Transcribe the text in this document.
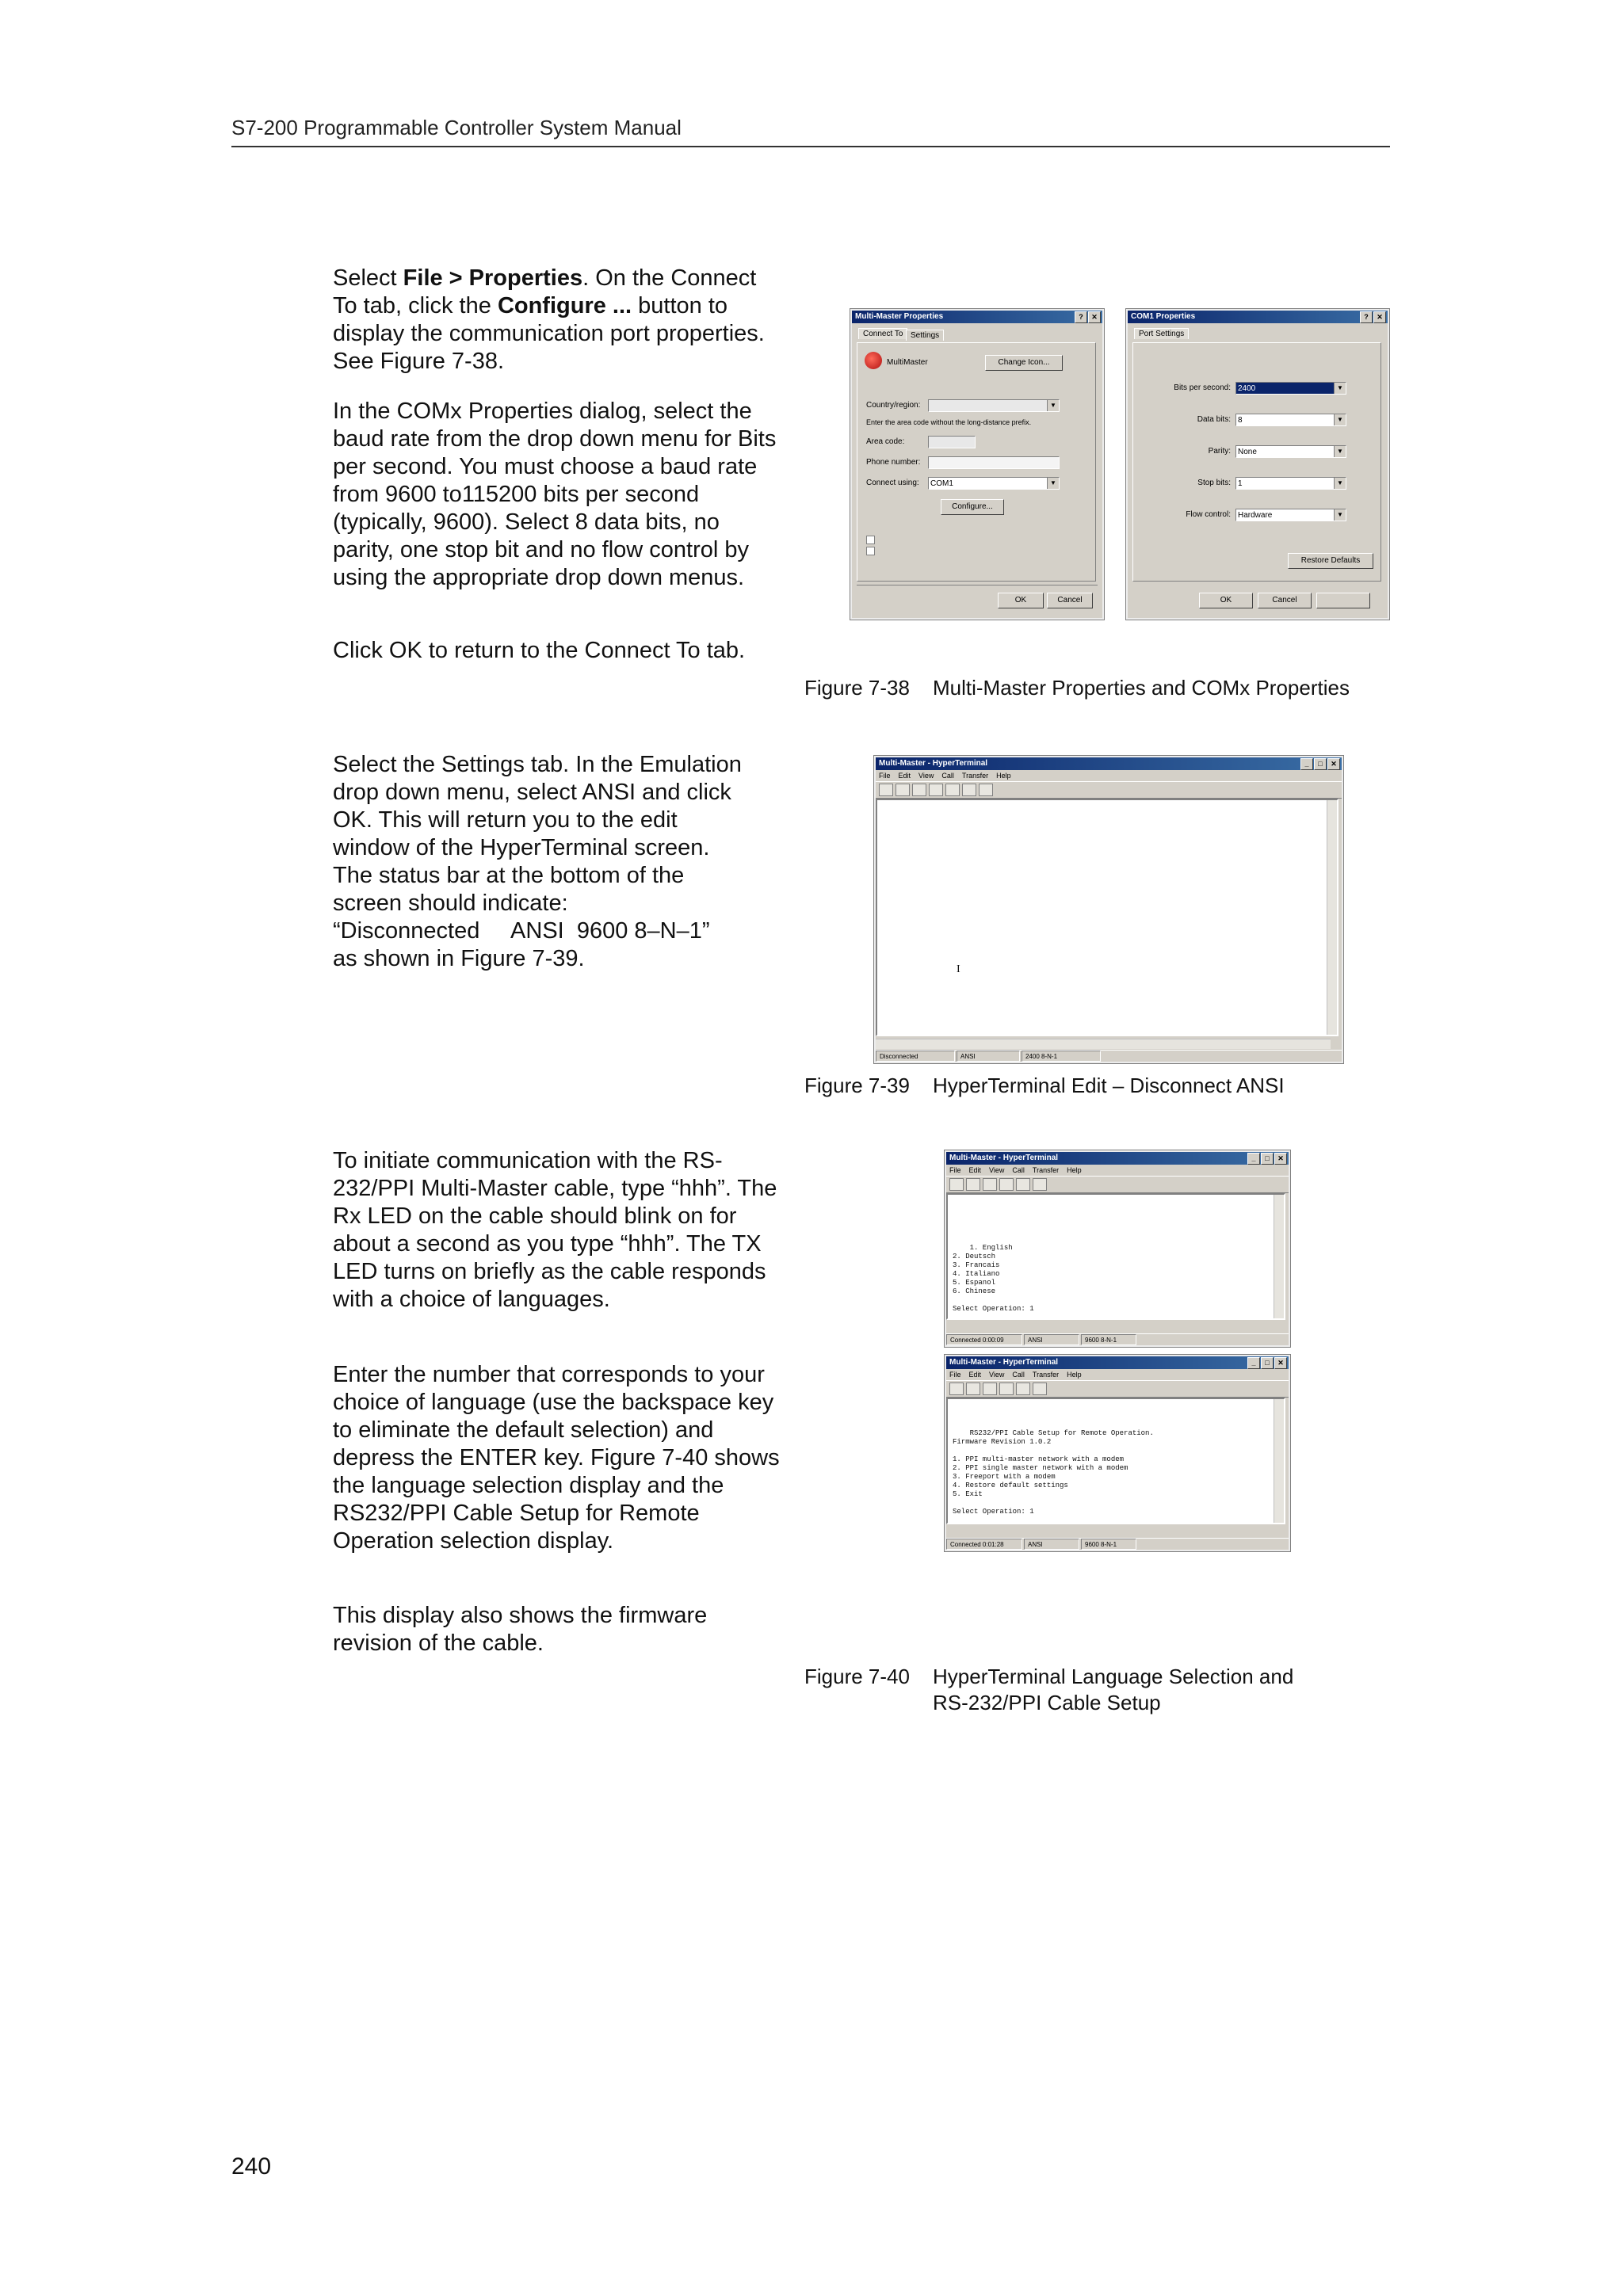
S7-200 Programmable Controller System Manual

Select File > Properties. On the Connect To tab, click the Configure ... button to display the communication port properties. See Figure 7-38.

In the COMx Properties dialog, select the baud rate from the drop down menu for Bits per second. You must choose a baud rate from 9600 to115200 bits per second (typically, 9600). Select 8 data bits, no parity, one stop bit and no flow control by using the appropriate drop down menus.

Click OK to return to the Connect To tab.

Multi-Master Properties	?	✕
Connect To Settings
MultiMaster	Change Icon...
Country/region:	▼
Enter the area code without the long-distance prefix.
Area code:
Phone number:
Connect using:	COM1	▼
Configure...
OK	Cancel
COM1 Properties	?	✕
Port Settings
Bits per second: 2400	▼
Data bits: 8	▼
Parity: None	▼
Stop bits: 1	▼
Flow control: Hardware	▼
Restore Defaults
OK	Cancel
Figure 7-38 Multi-Master Properties and COMx Properties
Select the Settings tab. In the Emulation
drop down menu, select ANSI and click
OK. This will return you to the edit
window of the HyperTerminal screen.
The status bar at the bottom of the
screen should indicate:
“Disconnected     ANSI  9600 8–N–1”
as shown in Figure 7-39.
Multi-Master - HyperTerminal	_	□	✕
File Edit View Call Transfer Help

I

Disconnected	ANSI	2400 8-N-1
Figure 7-39 HyperTerminal Edit – Disconnect ANSI

To initiate communication with the RS-232/PPI Multi-Master cable, type “hhh”. The Rx LED on the cable should blink on for about a second as you type “hhh”. The TX LED turns on briefly as the cable responds with a choice of languages.

Enter the number that corresponds to your choice of language (use the backspace key to eliminate the default selection) and depress the ENTER key. Figure 7-40 shows the language selection display and the RS232/PPI Cable Setup for Remote Operation selection display.

This display also shows the firmware revision of the cable.

Multi-Master - HyperTerminal	_	□	✕
File Edit View Call Transfer Help

1. English
2. Deutsch
3. Francais
4. Italiano
5. Espanol
6. Chinese

Select Operation: 1

Connected 0:00:09	ANSI	9600 8-N-1
Multi-Master - HyperTerminal	_	□	✕
File Edit View Call Transfer Help

RS232/PPI Cable Setup for Remote Operation.
Firmware Revision 1.0.2

1. PPI multi-master network with a modem
2. PPI single master network with a modem
3. Freeport with a modem
4. Restore default settings
5. Exit

Select Operation: 1

Connected 0:01:28	ANSI	9600 8-N-1
Figure 7-40 HyperTerminal Language Selection and
RS-232/PPI Cable Setup
240
